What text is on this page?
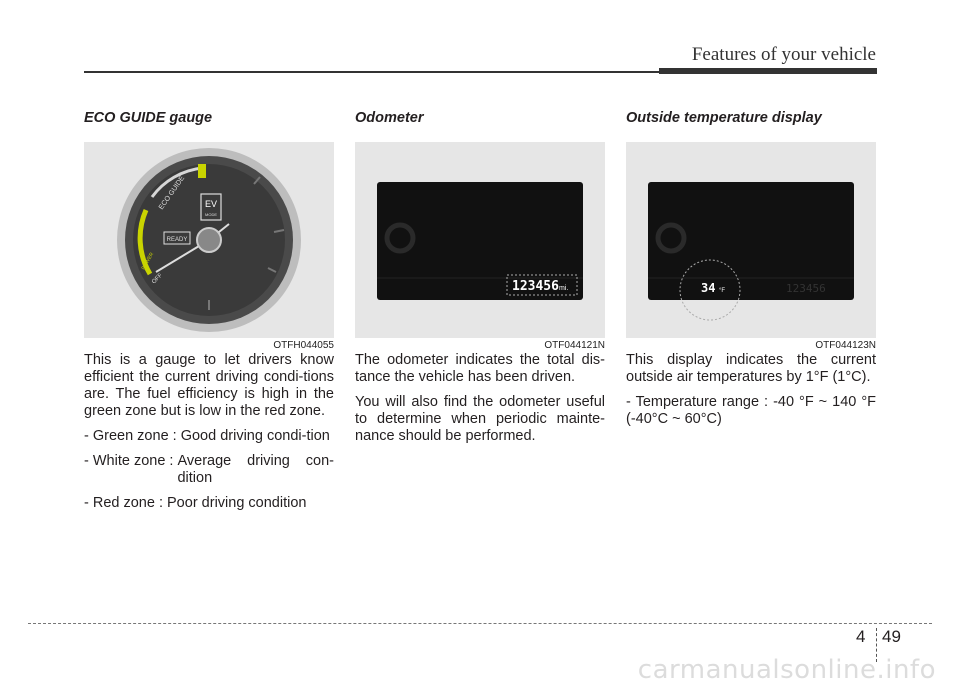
Features of your vehicle
ECO GUIDE gauge
ECO GUIDE EV
MODE
READY
POWER
OFF
OTFH044055

This is a gauge to let drivers know efficient the current driving condi-tions are. The fuel efficiency is high in the green zone but is low in the red zone.

- Green zone : Good driving condi-tion
- White zone : Average driving con-dition
- Red zone : Poor driving condition
Odometer
123456 mi.
OTF044121N

The odometer indicates the total dis-tance the vehicle has been driven.

You will also find the odometer useful to determine when periodic mainte-nance should be performed.

Outside temperature display
34 °F	123456
OTF044123N

This display indicates the current outside air temperatures by 1°F (1°C).

- Temperature range : -40 °F ~ 140 °F (-40°C ~ 60°C)

4 49
carmanualsonline.info
